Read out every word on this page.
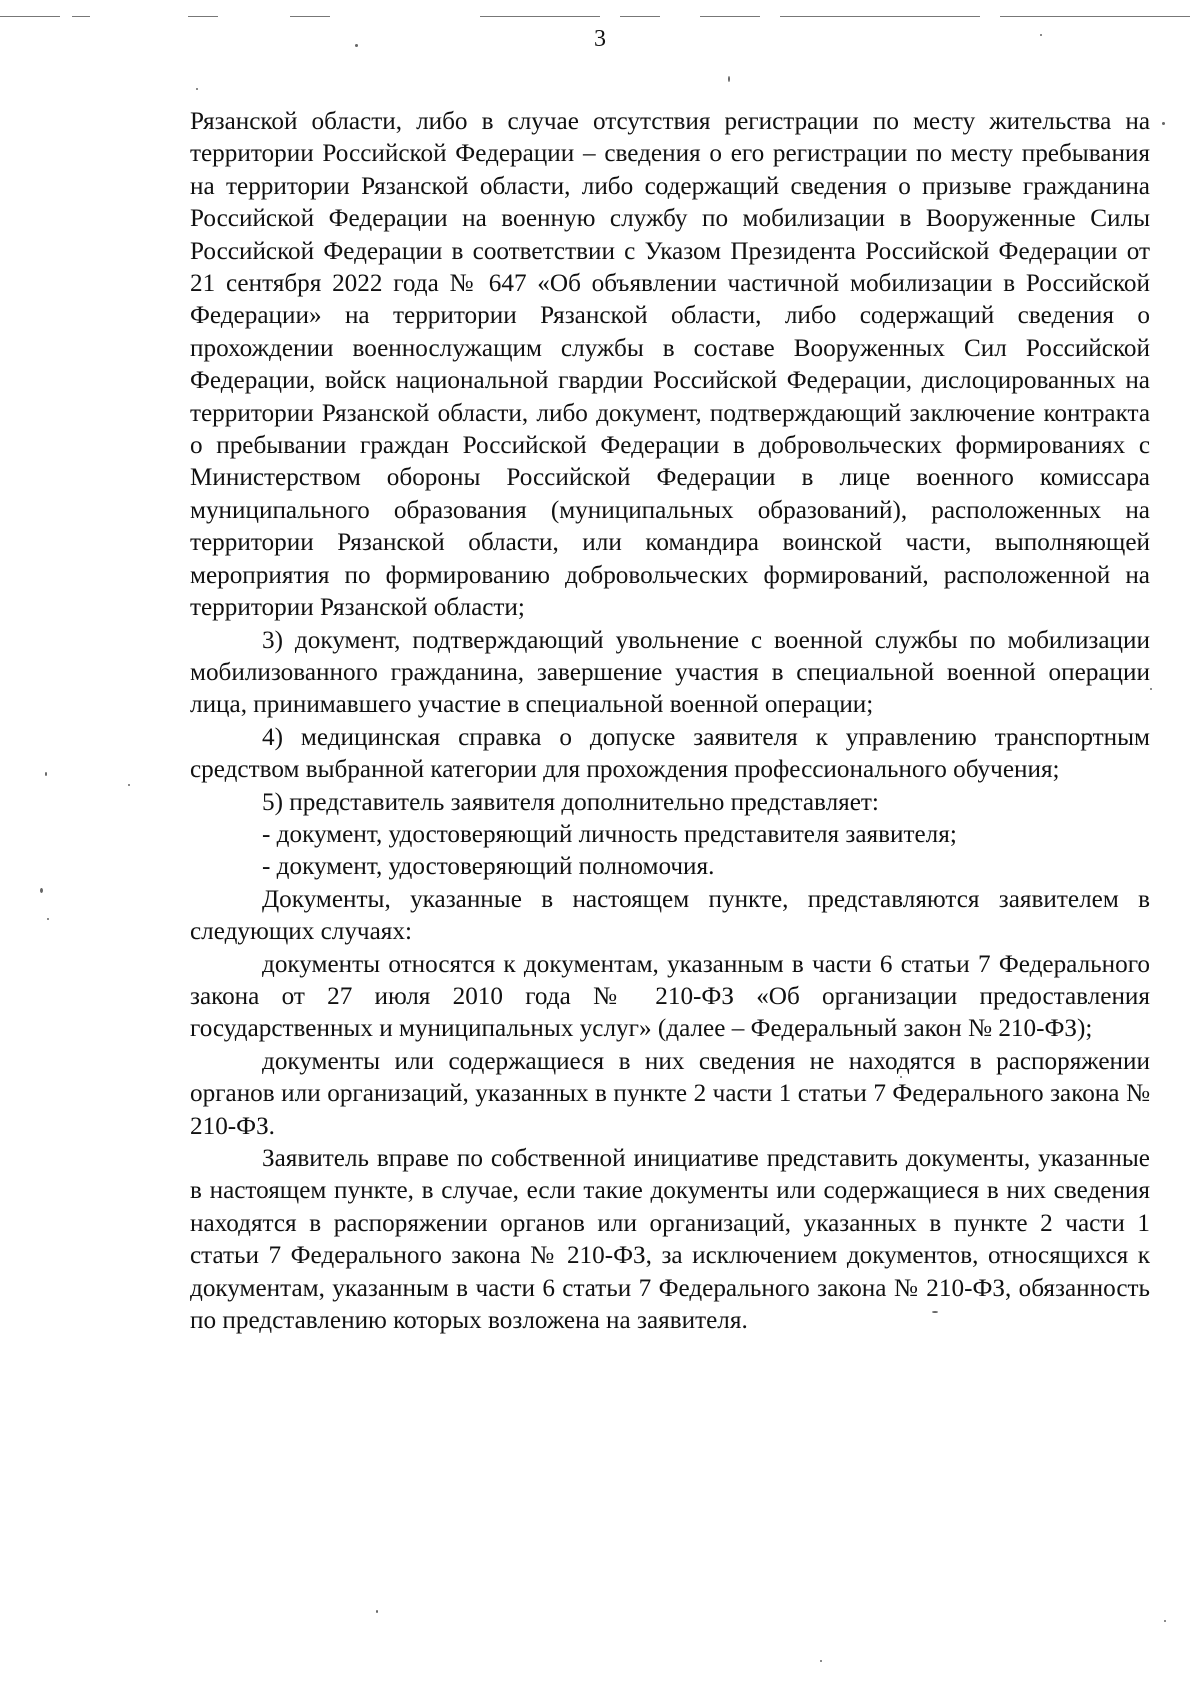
3

Рязанской области, либо в случае отсутствия регистрации по месту жительства на территории Российской Федерации – сведения о его регистрации по месту пребывания на территории Рязанской области, либо содержащий сведения о призыве гражданина Российской Федерации на военную службу по мобилизации в Вооруженные Силы Российской Федерации в соответствии с Указом Президента Российской Федерации от 21 сентября 2022 года № 647 «Об объявлении частичной мобилизации в Российской Федерации» на территории Рязанской области, либо содержащий сведения о прохождении военнослужащим службы в составе Вооруженных Сил Российской Федерации, войск национальной гвардии Российской Федерации, дислоцированных на территории Рязанской области, либо документ, подтверждающий заключение контракта о пребывании граждан Российской Федерации в добровольческих формированиях с Министерством обороны Российской Федерации в лице военного комиссара муниципального образования (муниципальных образований), расположенных на территории Рязанской области, или командира воинской части, выполняющей мероприятия по формированию добровольческих формирований, расположенной на территории Рязанской области;

3) документ, подтверждающий увольнение с военной службы по мобилизации мобилизованного гражданина, завершение участия в специальной военной операции лица, принимавшего участие в специальной военной операции;

4) медицинская справка о допуске заявителя к управлению транспортным средством выбранной категории для прохождения профессионального обучения;

5) представитель заявителя дополнительно представляет:

- документ, удостоверяющий личность представителя заявителя;

- документ, удостоверяющий полномочия.

Документы, указанные в настоящем пункте, представляются заявителем в следующих случаях:

документы относятся к документам, указанным в части 6 статьи 7 Федерального закона от 27 июля 2010 года № 210-ФЗ «Об организации предоставления государственных и муниципальных услуг» (далее – Федеральный закон № 210-ФЗ);

документы или содержащиеся в них сведения не находятся в распоряжении органов или организаций, указанных в пункте 2 части 1 статьи 7 Федерального закона № 210-ФЗ.

Заявитель вправе по собственной инициативе представить документы, указанные в настоящем пункте, в случае, если такие документы или содержащиеся в них сведения находятся в распоряжении органов или организаций, указанных в пункте 2 части 1 статьи 7 Федерального закона № 210-ФЗ, за исключением документов, относящихся к документам, указанным в части 6 статьи 7 Федерального закона № 210-ФЗ, обязанность по представлению которых возложена на заявителя.
